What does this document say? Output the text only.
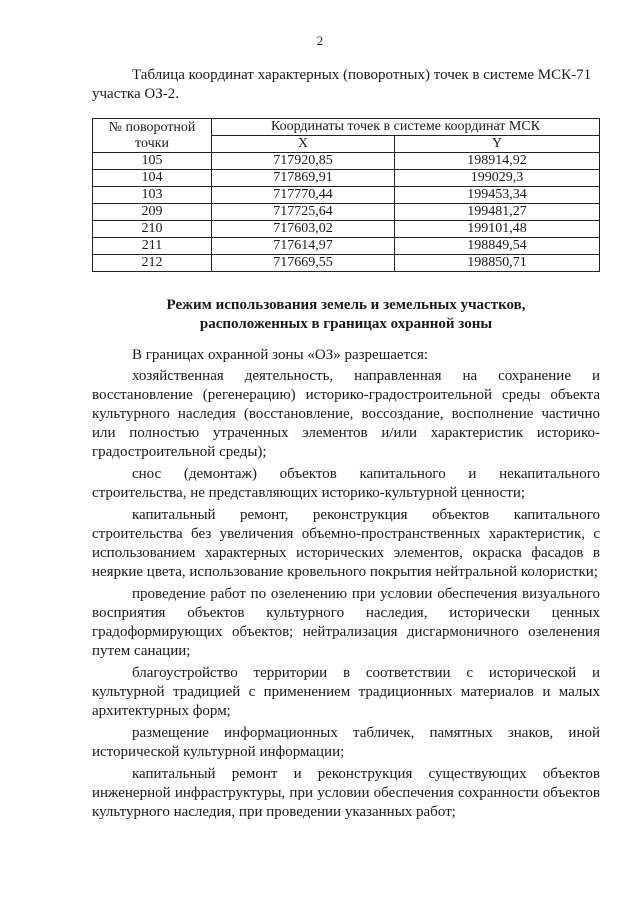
2
Таблица координат характерных (поворотных) точек в системе МСК-71
участка ОЗ-2.
№ поворотной
точки	Координаты точек в системе координат МСК	
	X	Y
105	717920,85	198914,92
104	717869,91	199029,3
103	717770,44	199453,34
209	717725,64	199481,27
210	717603,02	199101,48
211	717614,97	198849,54
212	717669,55	198850,71
Режим использования земель и земельных участков,
расположенных в границах охранной зоны

В границах охранной зоны «ОЗ» разрешается:

хозяйственная деятельность, направленная на сохранение и восстановление (регенерацию) историко-градостроительной среды объекта культурного наследия (восстановление, воссоздание, восполнение частично или полностью утраченных элементов и/или характеристик историко-градостроительной среды);

снос (демонтаж) объектов капитального и некапитального строительства, не представляющих историко-культурной ценности;

капитальный ремонт, реконструкция объектов капитального строительства без увеличения объемно-пространственных характеристик, с использованием характерных исторических элементов, окраска фасадов в неяркие цвета, использование кровельного покрытия нейтральной колористки;

проведение работ по озеленению при условии обеспечения визуального восприятия объектов культурного наследия, исторически ценных градоформирующих объектов; нейтрализация дисгармоничного озеленения путем санации;

благоустройство территории в соответствии с исторической и культурной традицией с применением традиционных материалов и малых архитектурных форм;

размещение информационных табличек, памятных знаков, иной исторической культурной информации;

капитальный ремонт и реконструкция существующих объектов инженерной инфраструктуры, при условии обеспечения сохранности объектов культурного наследия, при проведении указанных работ;
